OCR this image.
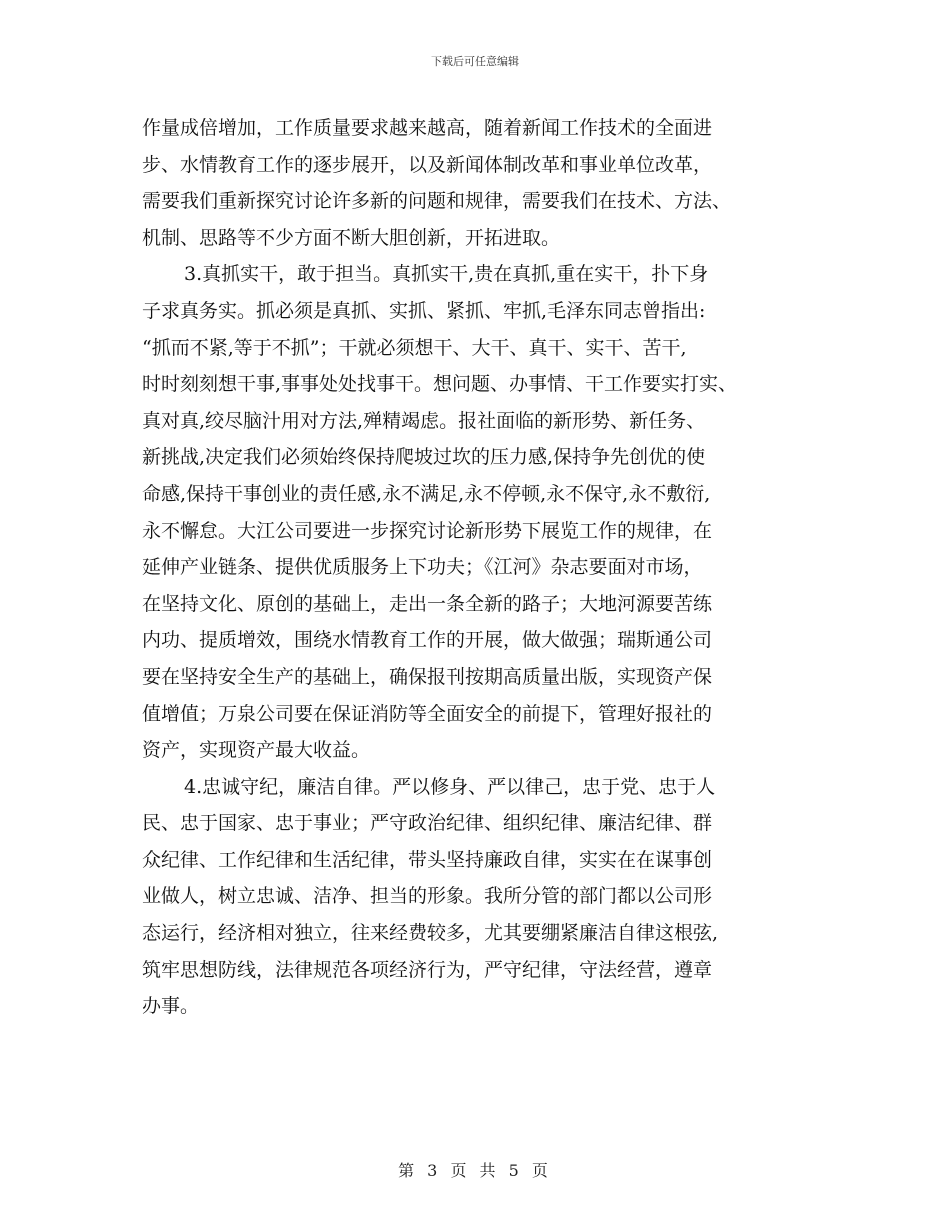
下载后可任意编辑
作量成倍增加，工作质量要求越来越高，随着新闻工作技术的全面进
步、水情教育工作的逐步展开，以及新闻体制改革和事业单位改革，
需要我们重新探究讨论许多新的问题和规律，需要我们在技术、方法、
机制、思路等不少方面不断大胆创新，开拓进取。
3.真抓实干，敢于担当。真抓实干,贵在真抓,重在实干，扑下身
子求真务实。抓必须是真抓、实抓、紧抓、牢抓,毛泽东同志曾指出:
“抓而不紧,等于不抓”；干就必须想干、大干、真干、实干、苦干,
时时刻刻想干事,事事处处找事干。想问题、办事情、干工作要实打实、
真对真,绞尽脑汁用对方法,殚精竭虑。报社面临的新形势、新任务、
新挑战,决定我们必须始终保持爬坡过坎的压力感,保持争先创优的使
命感,保持干事创业的责任感,永不满足,永不停顿,永不保守,永不敷衍,
永不懈怠。大江公司要进一步探究讨论新形势下展览工作的规律，在
延伸产业链条、提供优质服务上下功夫；《江河》杂志要面对市场，
在坚持文化、原创的基础上，走出一条全新的路子；大地河源要苦练
内功、提质增效，围绕水情教育工作的开展，做大做强；瑞斯通公司
要在坚持安全生产的基础上，确保报刊按期高质量出版，实现资产保
值增值；万泉公司要在保证消防等全面安全的前提下，管理好报社的
资产，实现资产最大收益。
4.忠诚守纪，廉洁自律。严以修身、严以律己，忠于党、忠于人
民、忠于国家、忠于事业；严守政治纪律、组织纪律、廉洁纪律、群
众纪律、工作纪律和生活纪律，带头坚持廉政自律，实实在在谋事创
业做人，树立忠诚、洁净、担当的形象。我所分管的部门都以公司形
态运行，经济相对独立，往来经费较多，尤其要绷紧廉洁自律这根弦,
筑牢思想防线，法律规范各项经济行为，严守纪律，守法经营，遵章
办事。
第 3 页 共 5 页
